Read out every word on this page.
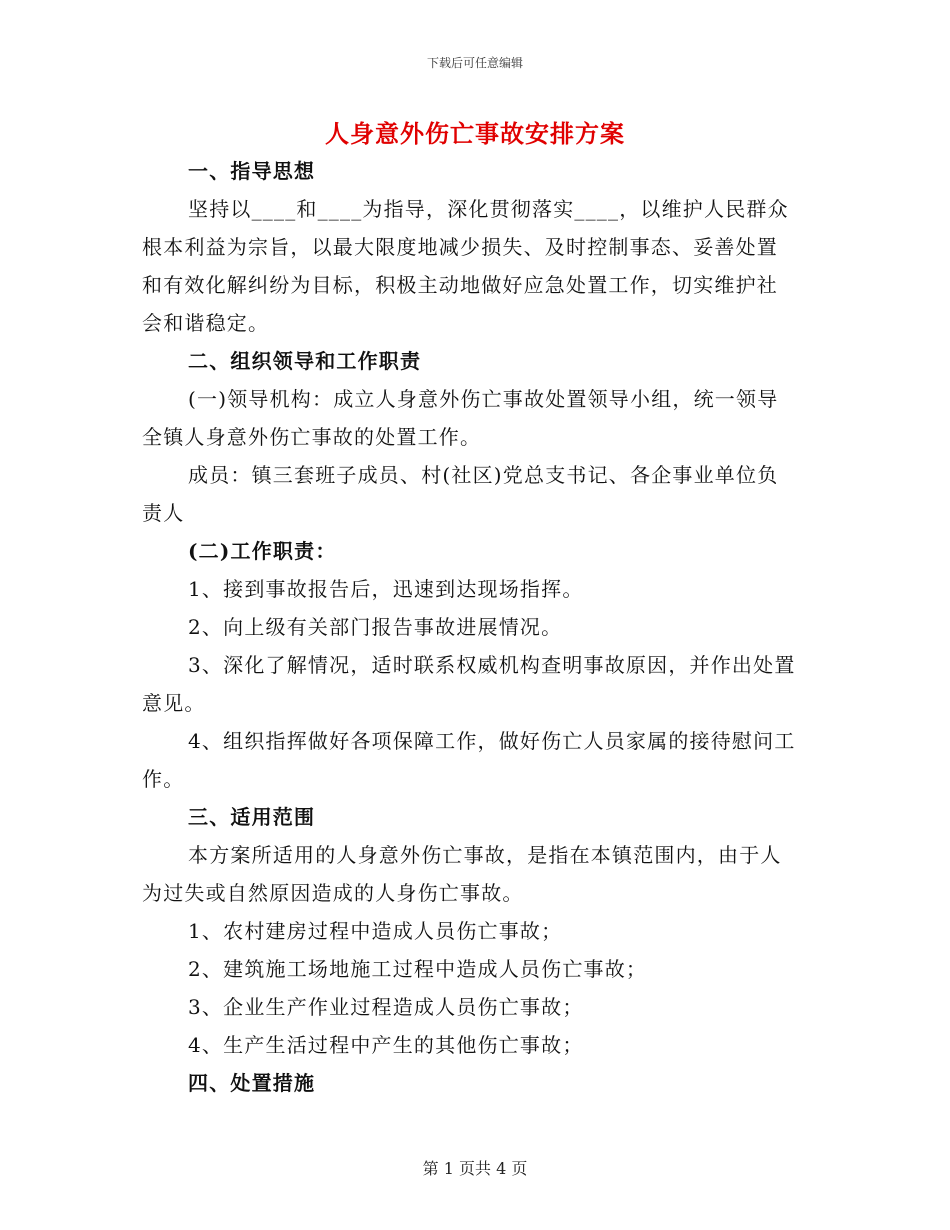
下载后可任意编辑
人身意外伤亡事故安排方案
一、指导思想
坚持以____和____为指导，深化贯彻落实____，以维护人民群众
根本利益为宗旨，以最大限度地减少损失、及时控制事态、妥善处置
和有效化解纠纷为目标，积极主动地做好应急处置工作，切实维护社
会和谐稳定。
二、组织领导和工作职责
(一)领导机构：成立人身意外伤亡事故处置领导小组，统一领导
全镇人身意外伤亡事故的处置工作。
成员：镇三套班子成员、村(社区)党总支书记、各企事业单位负
责人
(二)工作职责：
1、接到事故报告后，迅速到达现场指挥。
2、向上级有关部门报告事故进展情况。
3、深化了解情况，适时联系权威机构查明事故原因，并作出处置
意见。
4、组织指挥做好各项保障工作，做好伤亡人员家属的接待慰问工
作。
三、适用范围
本方案所适用的人身意外伤亡事故，是指在本镇范围内，由于人
为过失或自然原因造成的人身伤亡事故。
1、农村建房过程中造成人员伤亡事故；
2、建筑施工场地施工过程中造成人员伤亡事故；
3、企业生产作业过程造成人员伤亡事故；
4、生产生活过程中产生的其他伤亡事故；
四、处置措施
第 1 页共 4 页
